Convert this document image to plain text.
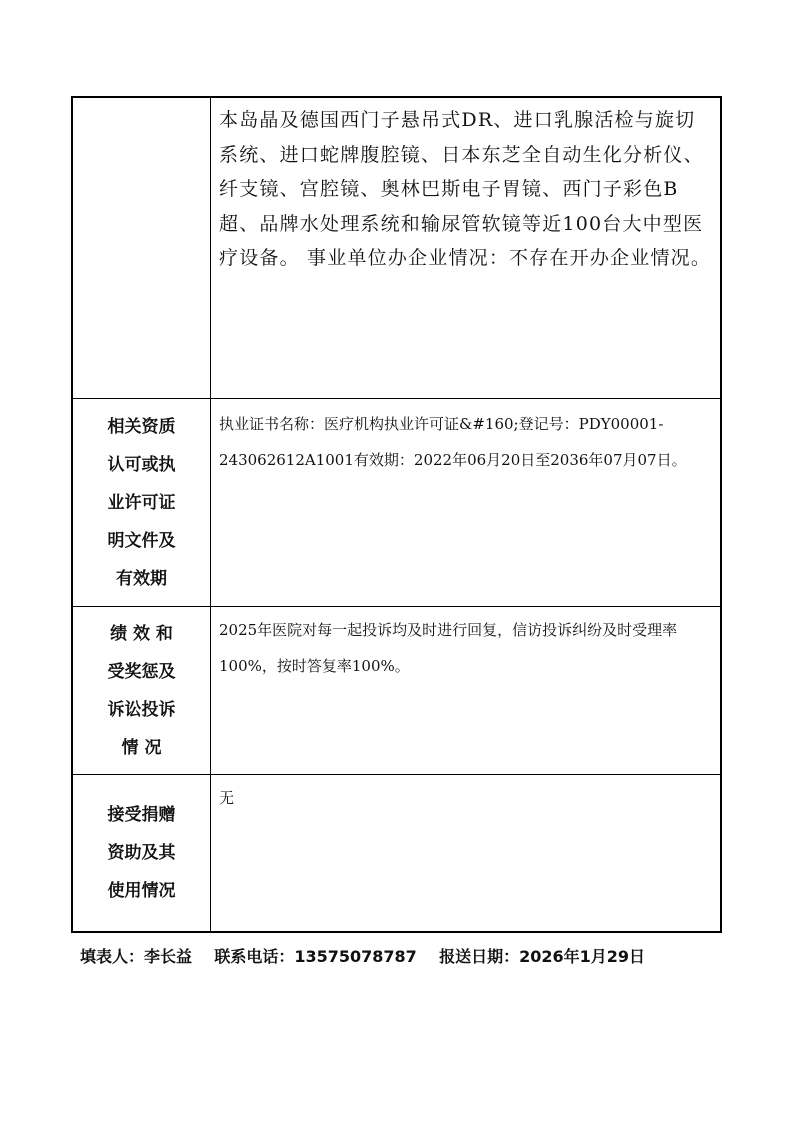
本岛晶及德国西门子悬吊式DR、进口乳腺活检与旋切系统、进口蛇牌腹腔镜、日本东芝全自动生化分析仪、纤支镜、宫腔镜、奥林巴斯电子胃镜、西门子彩色B超、品牌水处理系统和输尿管软镜等近100台大中型医疗设备。 事业单位办企业情况：不存在开办企业情况。

相关资质
认可或执
业许可证
明文件及
有效期

执业证书名称：医疗机构执业许可证&#160;登记号：PDY00001-243062612A1001有效期：2022年06月20日至2036年07月07日。

绩 效 和
受奖惩及
诉讼投诉
情 况

2025年医院对每一起投诉均及时进行回复，信访投诉纠纷及时受理率100%，按时答复率100%。

接受捐赠
资助及其
使用情况

无

填表人：李长益 联系电话：13575078787 报送日期：2026年1月29日
